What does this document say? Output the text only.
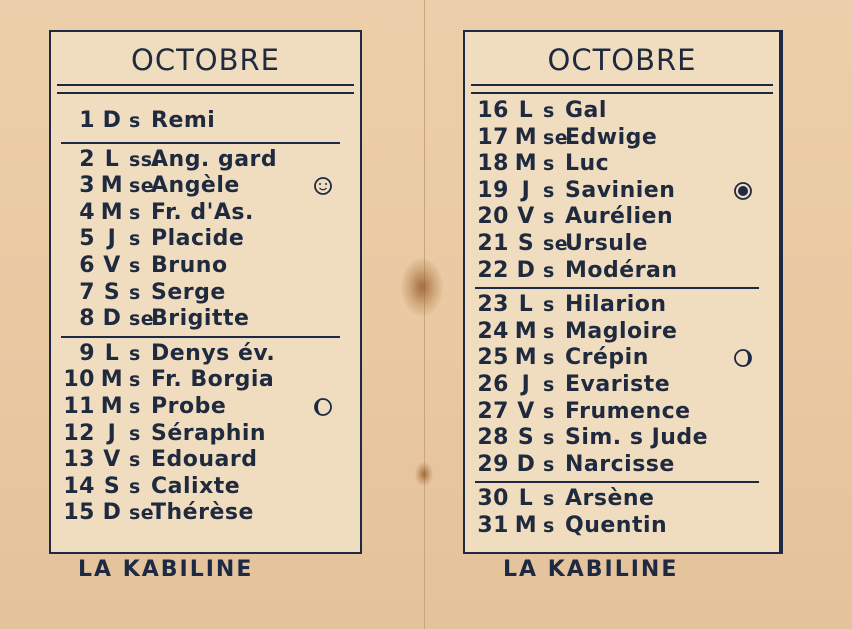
OCTOBRE
1 D s Remi
2 L ss.Ang. gard
3 M seAngèle
4 M s Fr. d'As.
5 J s Placide
6 V s Bruno
7 S s Serge
8 D seBrigitte
9 L s Denys év.
10 M s Fr. Borgia
11 M s Probe
12 J s Séraphin
13 V s Edouard
14 S s Calixte
15 D seThérèse
OCTOBRE
16 L s Gal
17 M seEdwige
18 M s Luc
19 J s Savinien
20 V s Aurélien
21 S seUrsule
22 D s Modéran
23 L s Hilarion
24 M s Magloire
25 M s Crépin
26 J s Evariste
27 V s Frumence
28 S s Sim. s Jude
29 D s Narcisse
30 L s Arsène
31 M s Quentin
LA KABILINE	LA KABILINE
